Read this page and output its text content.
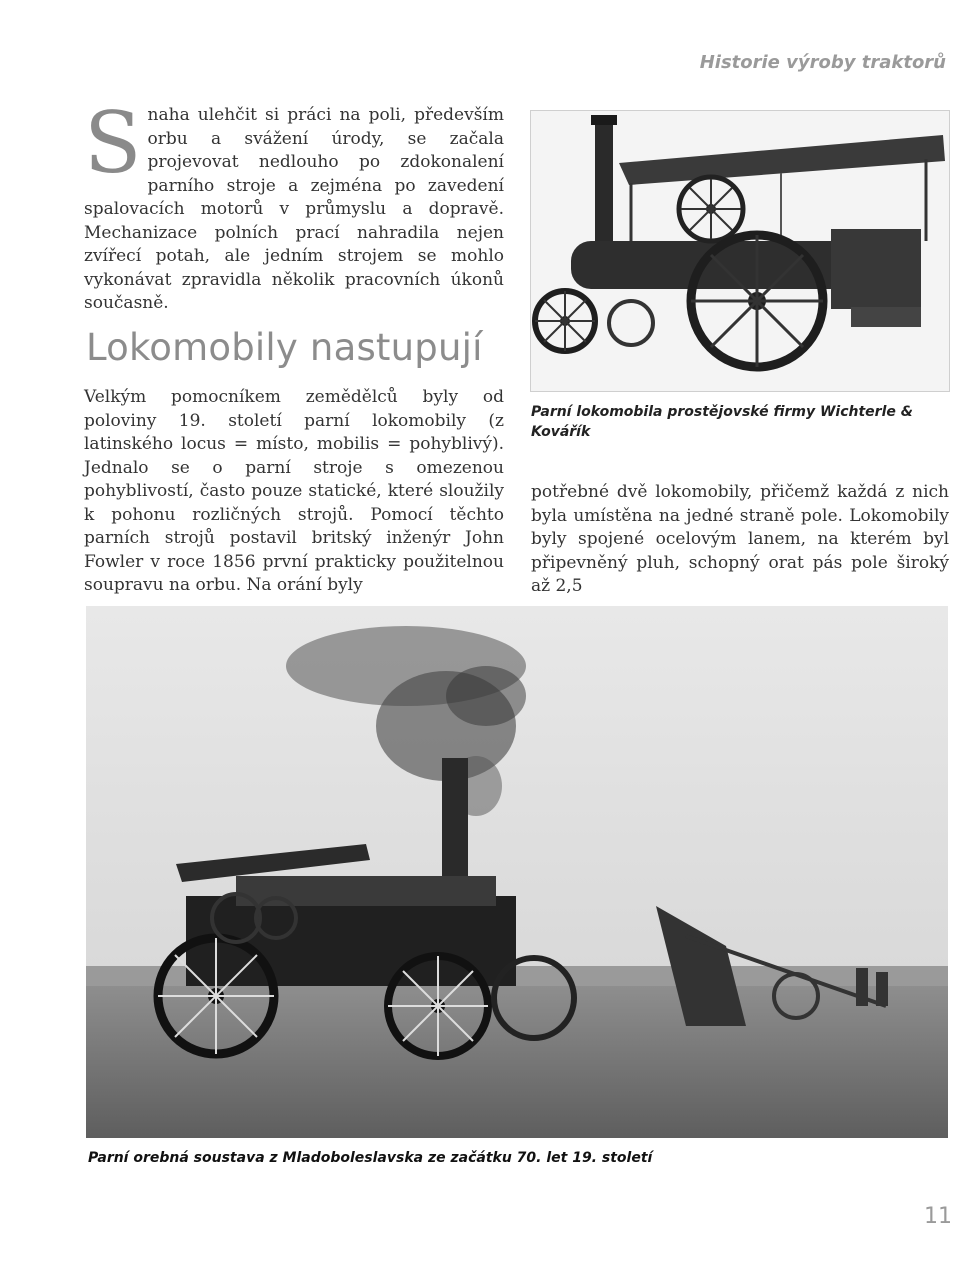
Historie výroby traktorů

Snaha ulehčit si práci na poli, především orbu a svážení úrody, se začala projevovat nedlouho po zdokonalení parního stroje a zejména po zavedení spalovacích motorů v průmyslu a dopravě. Mechanizace polních prací nahradila nejen zvířecí potah, ale jedním strojem se mohlo vykonávat zpravidla několik pracovních úkonů současně.

Lokomobily nastupují

Velkým pomocníkem zemědělců byly od poloviny 19. století parní lokomobily (z latinského locus = místo, mobilis = pohyblivý). Jednalo se o parní stroje s omezenou pohyblivostí, často pouze statické, které sloužily k pohonu rozličných strojů. Pomocí těchto parních strojů postavil britský inženýr John Fowler v roce 1856 první prakticky použitelnou soupravu na orbu. Na orání byly

Parní lokomobila prostějovské firmy Wichterle & Kovářík

potřebné dvě lokomobily, přičemž každá z nich byla umístěna na jedné straně pole. Lokomobily byly spojené ocelovým lanem, na kterém byl připevněný pluh, schopný orat pás pole široký až 2,5

Parní orebná soustava z Mladoboleslavska ze začátku 70. let 19. století

11
